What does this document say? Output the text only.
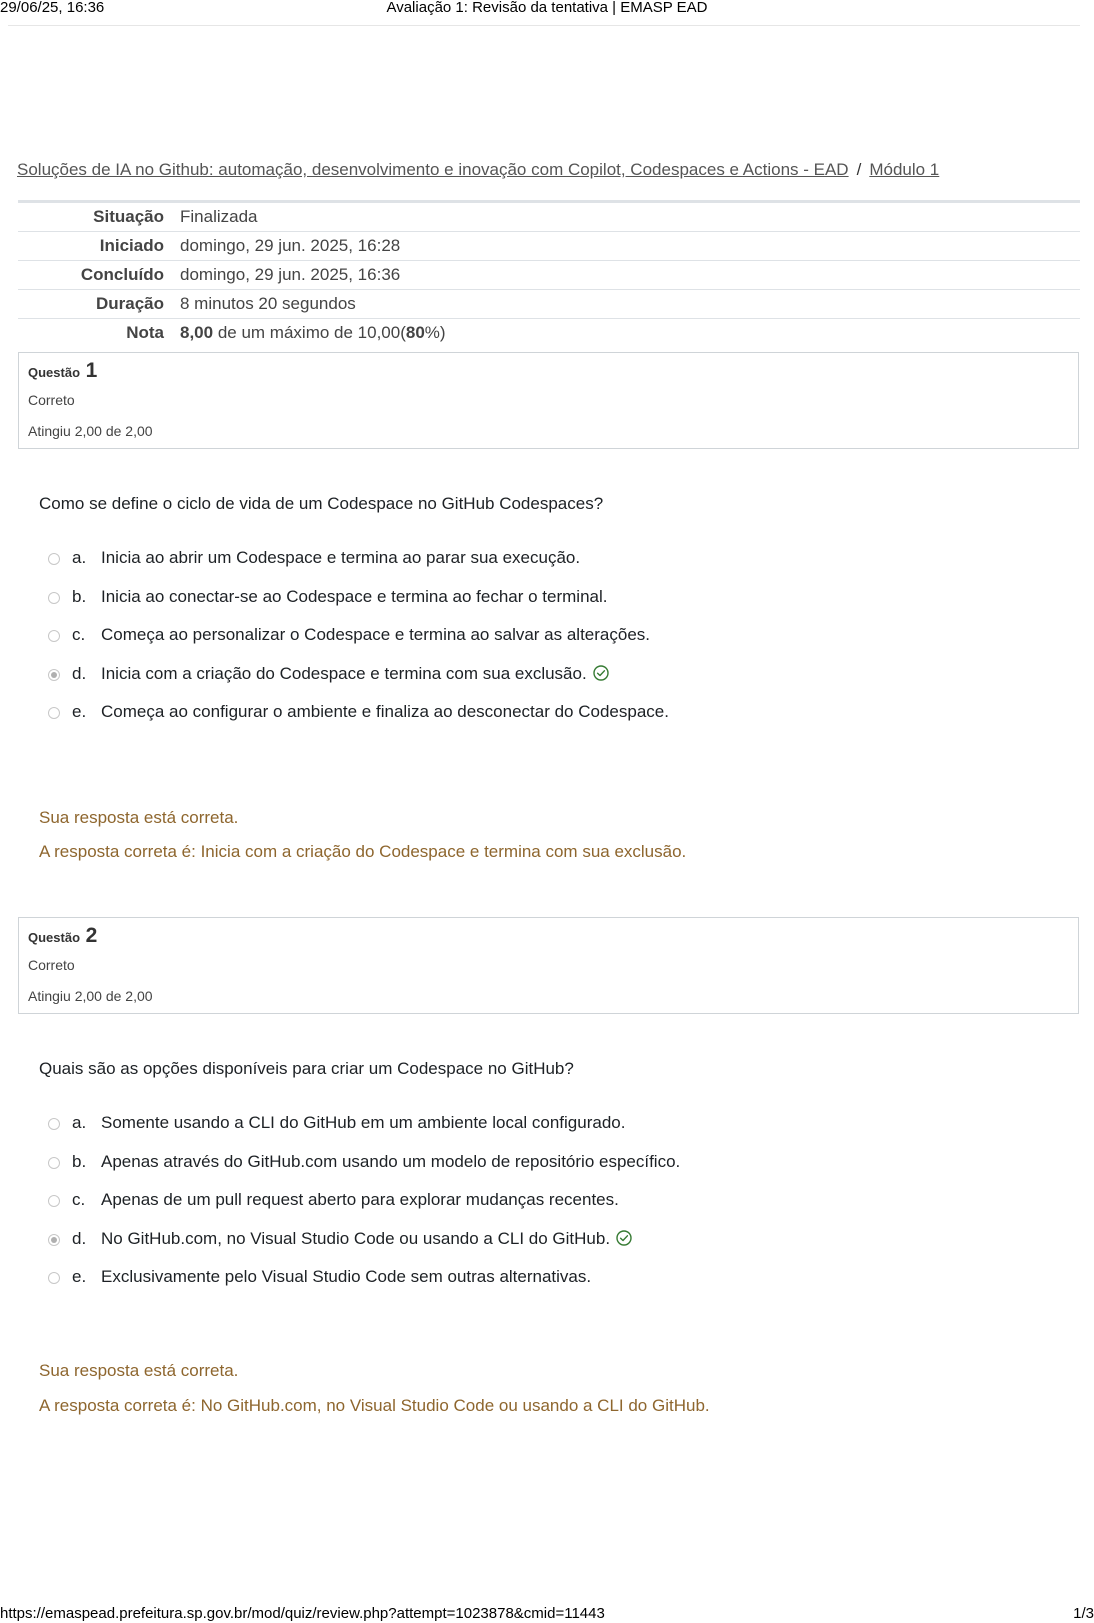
29/06/25, 16:36	Avaliação 1: Revisão da tentativa | EMASP EAD
Soluções de IA no Github: automação, desenvolvimento e inovação com Copilot, Codespaces e Actions - EAD / Módulo 1
Situação Finalizada
Iniciado domingo, 29 jun. 2025, 16:28
Concluído domingo, 29 jun. 2025, 16:36
Duração 8 minutos 20 segundos
Nota 8,00 de um máximo de 10,00(80%)
Questão 1
Correto
Atingiu 2,00 de 2,00
Como se define o ciclo de vida de um Codespace no GitHub Codespaces?
a. Inicia ao abrir um Codespace e termina ao parar sua execução.
b. Inicia ao conectar-se ao Codespace e termina ao fechar o terminal.
c. Começa ao personalizar o Codespace e termina ao salvar as alterações.
d. Inicia com a criação do Codespace e termina com sua exclusão.
e. Começa ao configurar o ambiente e finaliza ao desconectar do Codespace.
Sua resposta está correta.
A resposta correta é: Inicia com a criação do Codespace e termina com sua exclusão.
Questão 2
Correto
Atingiu 2,00 de 2,00
Quais são as opções disponíveis para criar um Codespace no GitHub?
a. Somente usando a CLI do GitHub em um ambiente local configurado.
b. Apenas através do GitHub.com usando um modelo de repositório específico.
c. Apenas de um pull request aberto para explorar mudanças recentes.
d. No GitHub.com, no Visual Studio Code ou usando a CLI do GitHub.
e. Exclusivamente pelo Visual Studio Code sem outras alternativas.
Sua resposta está correta.
A resposta correta é: No GitHub.com, no Visual Studio Code ou usando a CLI do GitHub.
https://emaspead.prefeitura.sp.gov.br/mod/quiz/review.php?attempt=1023878&cmid=11443	1/3
